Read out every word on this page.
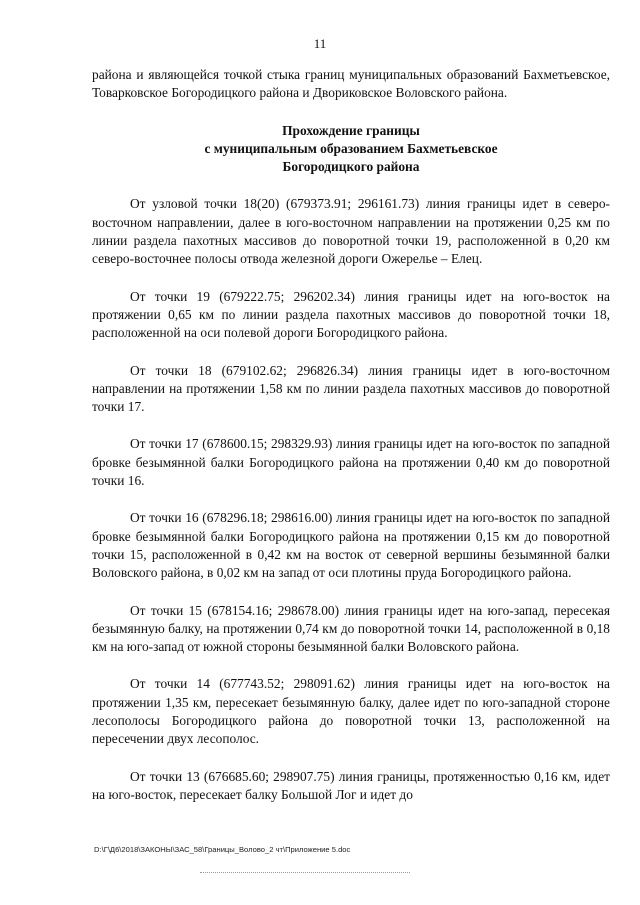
11

района и являющейся точкой стыка границ муниципальных образований Бахметьевское, Товарковское Богородицкого района и Двориковское Воловского района.

Прохождение границы
с муниципальным образованием Бахметьевское
Богородицкого района

От узловой точки 18(20) (679373.91; 296161.73) линия границы идет в северо-восточном направлении, далее в юго-восточном направлении на протяжении 0,25 км по линии раздела пахотных массивов до поворотной точки 19, расположенной в 0,20 км северо-восточнее полосы отвода железной дороги Ожерелье – Елец.

От точки 19 (679222.75; 296202.34) линия границы идет на юго-восток на протяжении 0,65 км по линии раздела пахотных массивов до поворотной точки 18, расположенной на оси полевой дороги Богородицкого района.

От точки 18 (679102.62; 296826.34) линия границы идет в юго-восточном направлении на протяжении 1,58 км по линии раздела пахотных массивов до поворотной точки 17.

От точки 17 (678600.15; 298329.93) линия границы идет на юго-восток по западной бровке безымянной балки Богородицкого района на протяжении 0,40 км до поворотной точки 16.

От точки 16 (678296.18; 298616.00) линия границы идет на юго-восток по западной бровке безымянной балки Богородицкого района на протяжении 0,15 км до поворотной точки 15, расположенной в 0,42 км на восток от северной вершины безымянной балки Воловского района, в 0,02 км на запад от оси плотины пруда Богородицкого района.

От точки 15 (678154.16; 298678.00) линия границы идет на юго-запад, пересекая безымянную балку, на протяжении 0,74 км до поворотной точки 14, расположенной в 0,18 км на юго-запад от южной стороны безымянной балки Воловского района.

От точки 14 (677743.52; 298091.62) линия границы идет на юго-восток на протяжении 1,35 км, пересекает безымянную балку, далее идет по юго-западной стороне лесополосы Богородицкого района до поворотной точки 13, расположенной на пересечении двух лесополос.

От точки 13 (676685.60; 298907.75) линия границы, протяженностью 0,16 км, идет на юго-восток, пересекает балку Большой Лог и идет до

D:\Г\Д6\2018\ЗАКОНЫ\ЗАС_58\Границы_Волово_2 чт\Приложение 5.doc
